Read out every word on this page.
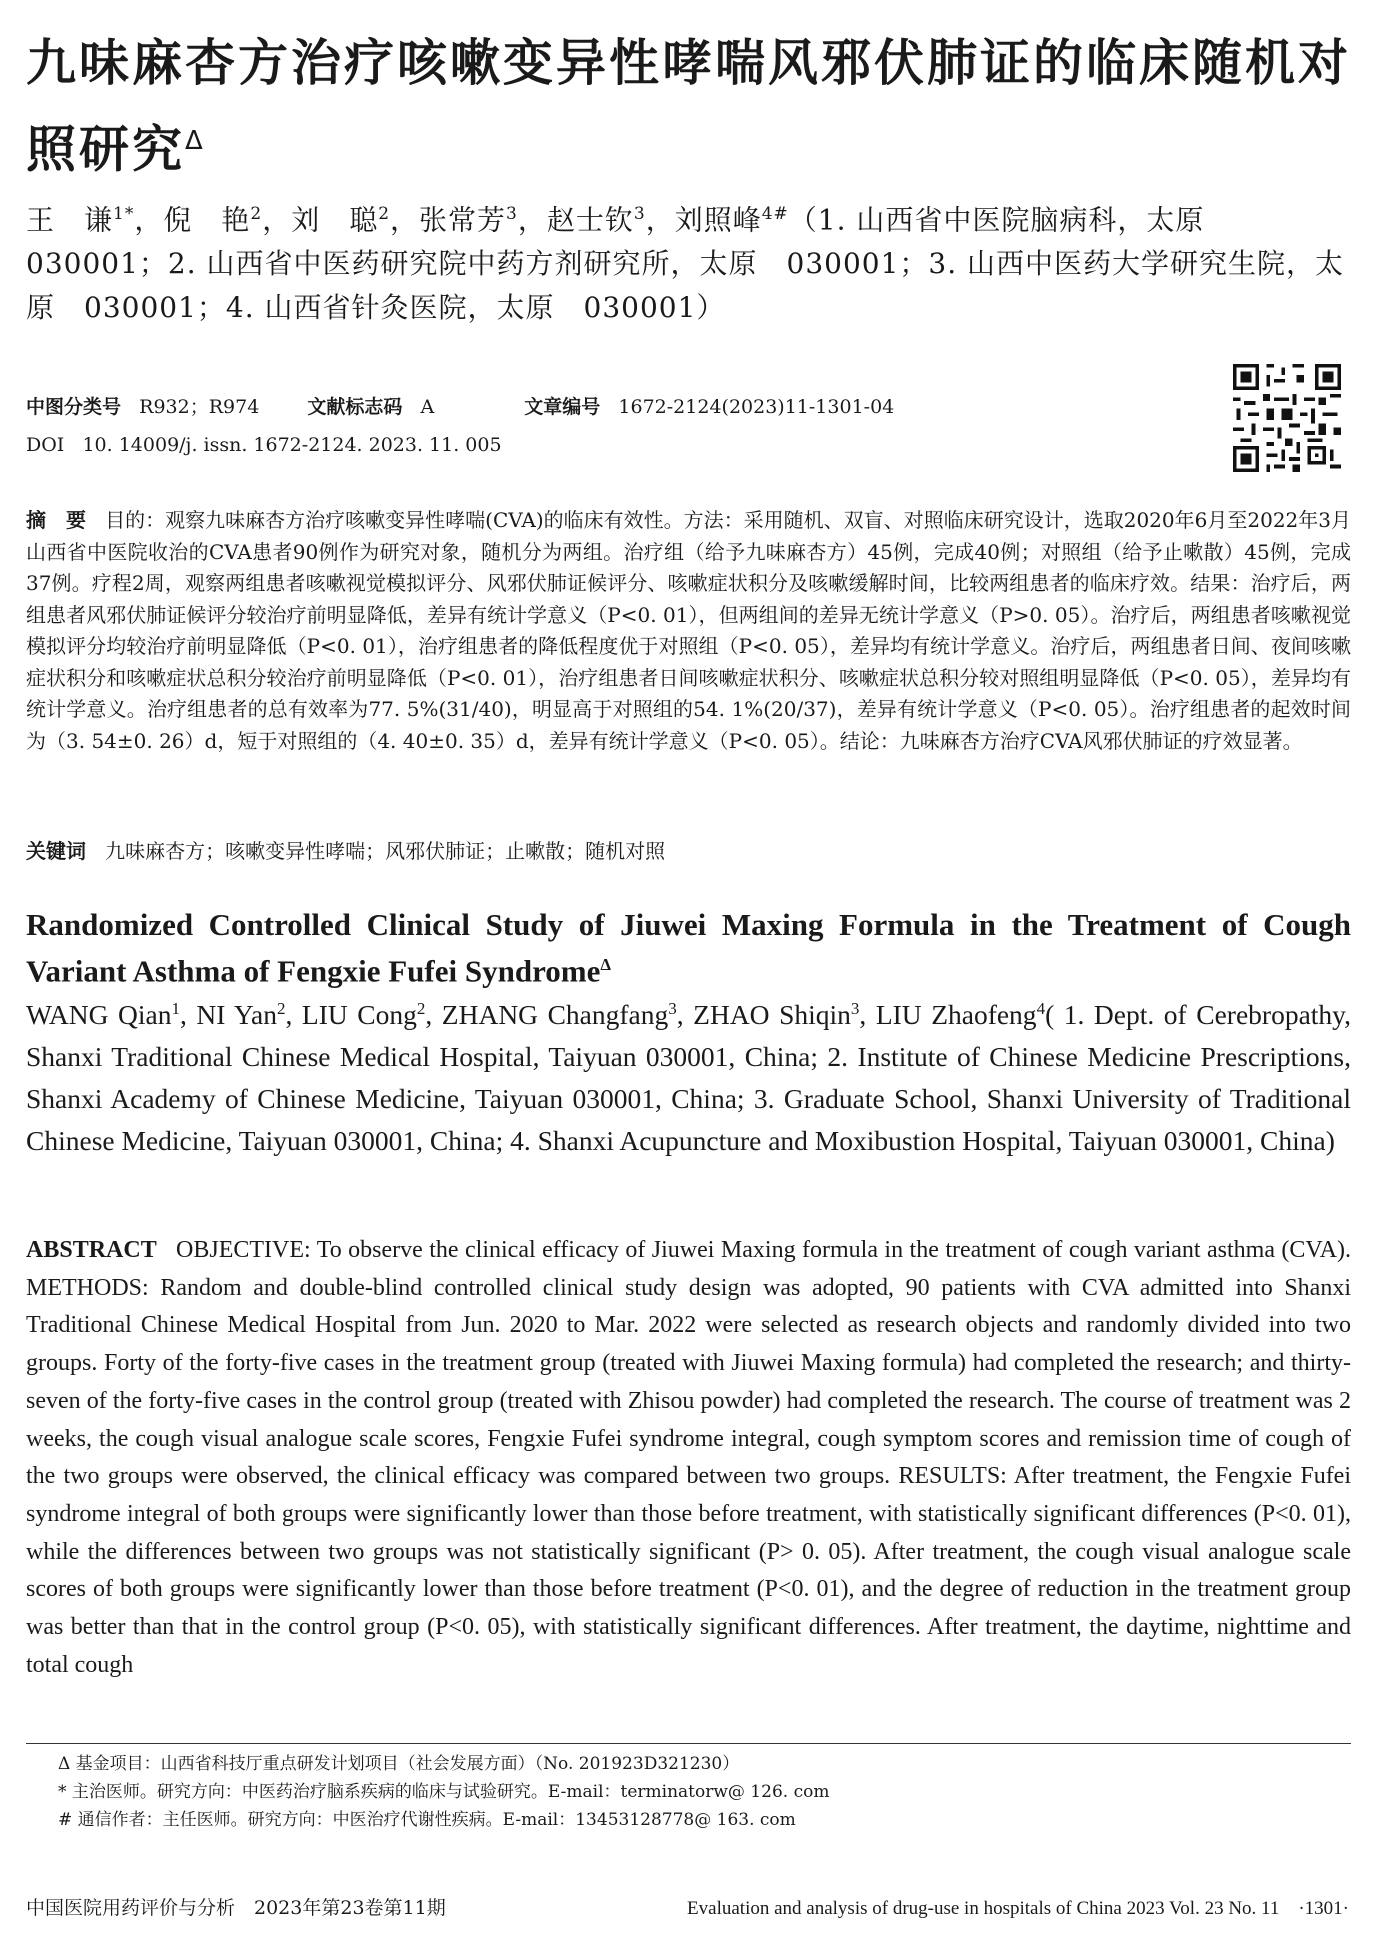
九味麻杏方治疗咳嗽变异性哮喘风邪伏肺证的临床随机对照研究$^\Delta$

王　谦$^{1*}$，倪　艳$^2$，刘　聪$^2$，张常芳$^3$，赵士钦$^3$，刘照峰$^{4\#}$（1. 山西省中医院脑病科，太原　030001；2. 山西省中医药研究院中药方剂研究所，太原　030001；3. 山西中医药大学研究生院，太原　030001；4. 山西省针灸医院，太原　030001）

中图分类号 R932；R974	文献标志码 A	文章编号 1672-2124(2023)11-1301-04
DOI 10. 14009/j. issn. 1672-2124. 2023. 11. 005

摘　要 目的：观察九味麻杏方治疗咳嗽变异性哮喘(CVA)的临床有效性。方法：采用随机、双盲、对照临床研究设计，选取2020年6月至2022年3月山西省中医院收治的CVA患者90例作为研究对象，随机分为两组。治疗组（给予九味麻杏方）45例，完成40例；对照组（给予止嗽散）45例，完成37例。疗程2周，观察两组患者咳嗽视觉模拟评分、风邪伏肺证候评分、咳嗽症状积分及咳嗽缓解时间，比较两组患者的临床疗效。结果：治疗后，两组患者风邪伏肺证候评分较治疗前明显降低，差异有统计学意义（P<0. 01），但两组间的差异无统计学意义（P>0. 05）。治疗后，两组患者咳嗽视觉模拟评分均较治疗前明显降低（P<0. 01），治疗组患者的降低程度优于对照组（P<0. 05），差异均有统计学意义。治疗后，两组患者日间、夜间咳嗽症状积分和咳嗽症状总积分较治疗前明显降低（P<0. 01），治疗组患者日间咳嗽症状积分、咳嗽症状总积分较对照组明显降低（P<0. 05），差异均有统计学意义。治疗组患者的总有效率为77. 5%(31/40)，明显高于对照组的54. 1%(20/37)，差异有统计学意义（P<0. 05）。治疗组患者的起效时间为（3. 54±0. 26）d，短于对照组的（4. 40±0. 35）d，差异有统计学意义（P<0. 05）。结论：九味麻杏方治疗CVA风邪伏肺证的疗效显著。

关键词 九味麻杏方；咳嗽变异性哮喘；风邪伏肺证；止嗽散；随机对照

Randomized Controlled Clinical Study of Jiuwei Maxing Formula in the Treatment of Cough Variant Asthma of Fengxie Fufei Syndrome$^\Delta$

WANG Qian$^1$, NI Yan$^2$, LIU Cong$^2$, ZHANG Changfang$^3$, ZHAO Shiqin$^3$, LIU Zhaofeng$^4$( 1. Dept. of Cerebropathy, Shanxi Traditional Chinese Medical Hospital, Taiyuan 030001, China; 2. Institute of Chinese Medicine Prescriptions, Shanxi Academy of Chinese Medicine, Taiyuan 030001, China; 3. Graduate School, Shanxi University of Traditional Chinese Medicine, Taiyuan 030001, China; 4. Shanxi Acupuncture and Moxibustion Hospital, Taiyuan 030001, China)

ABSTRACT OBJECTIVE: To observe the clinical efficacy of Jiuwei Maxing formula in the treatment of cough variant asthma (CVA). METHODS: Random and double-blind controlled clinical study design was adopted, 90 patients with CVA admitted into Shanxi Traditional Chinese Medical Hospital from Jun. 2020 to Mar. 2022 were selected as research objects and randomly divided into two groups. Forty of the forty-five cases in the treatment group (treated with Jiuwei Maxing formula) had completed the research; and thirty-seven of the forty-five cases in the control group (treated with Zhisou powder) had completed the research. The course of treatment was 2 weeks, the cough visual analogue scale scores, Fengxie Fufei syndrome integral, cough symptom scores and remission time of cough of the two groups were observed, the clinical efficacy was compared between two groups. RESULTS: After treatment, the Fengxie Fufei syndrome integral of both groups were significantly lower than those before treatment, with statistically significant differences (P<0. 01), while the differences between two groups was not statistically significant (P> 0. 05). After treatment, the cough visual analogue scale scores of both groups were significantly lower than those before treatment (P<0. 01), and the degree of reduction in the treatment group was better than that in the control group (P<0. 05), with statistically significant differences. After treatment, the daytime, nighttime and total cough

Δ 基金项目：山西省科技厅重点研发计划项目（社会发展方面）（No. 201923D321230）
* 主治医师。研究方向：中医药治疗脑系疾病的临床与试验研究。E-mail：terminatorw@ 126. com
# 通信作者：主任医师。研究方向：中医治疗代谢性疾病。E-mail：13453128778@ 163. com
中国医院用药评价与分析　2023年第23卷第11期	Evaluation and analysis of drug-use in hospitals of China 2023 Vol. 23 No. 11　·1301·
